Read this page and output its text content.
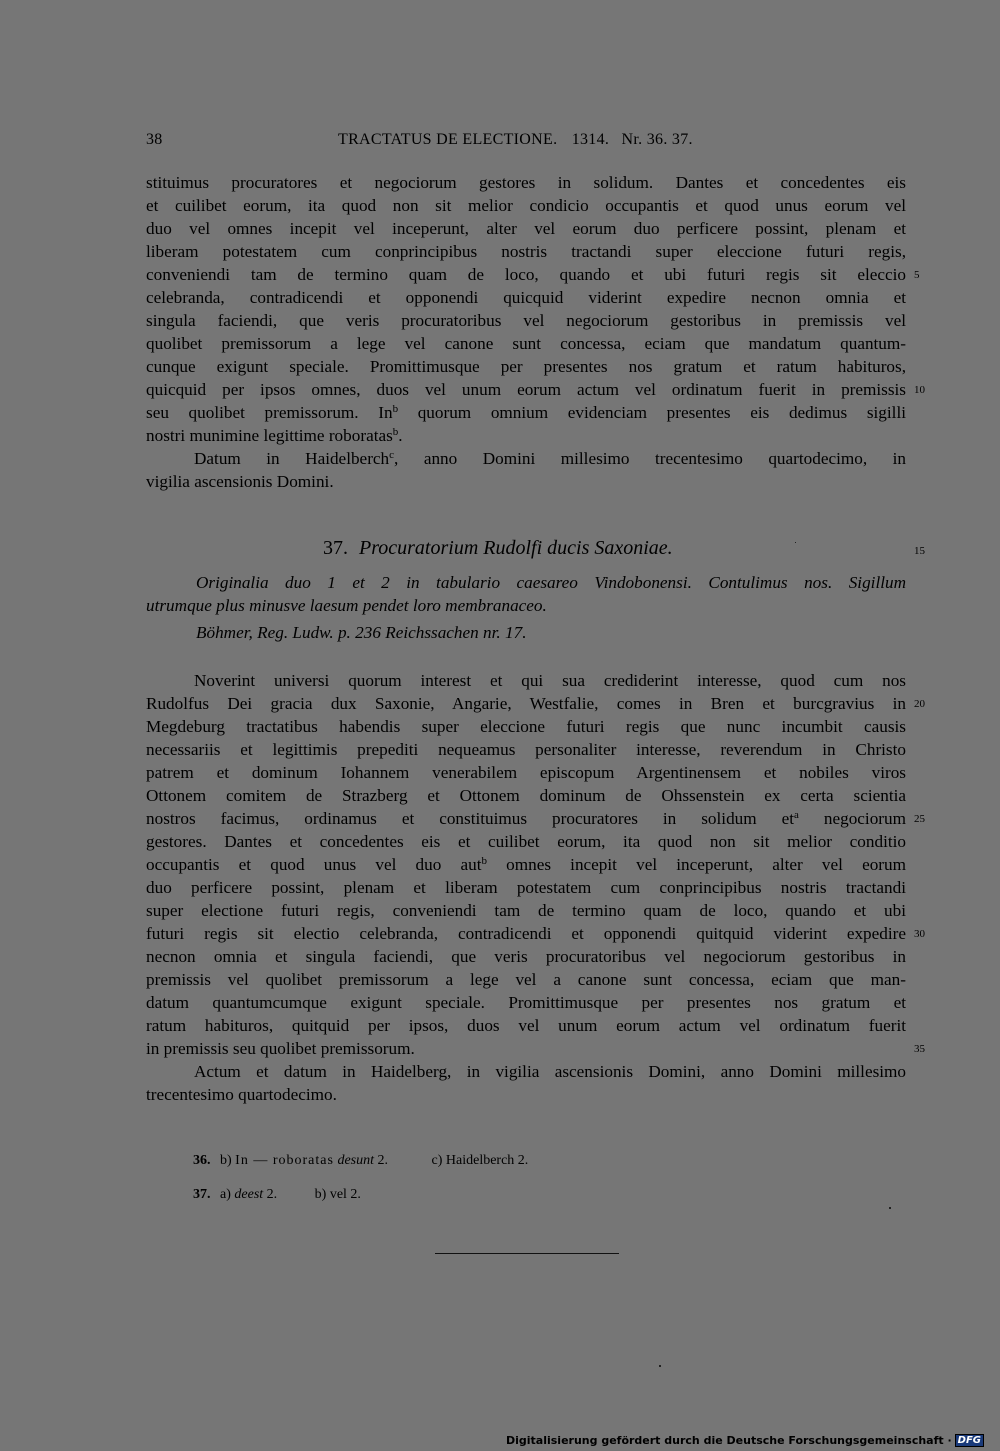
38	TRACTATUS DE ELECTIONE. 1314. Nr. 36. 37.
stituimus procuratores et negociorum gestores in solidum. Dantes et concedentes eis
et cuilibet eorum, ita quod non sit melior condicio occupantis et quod unus eorum vel
duo vel omnes incepit vel inceperunt, alter vel eorum duo perficere possint, plenam et
liberam potestatem cum conprincipibus nostris tractandi super eleccione futuri regis,
conveniendi tam de termino quam de loco, quando et ubi futuri regis sit eleccio 5
celebranda, contradicendi et opponendi quicquid viderint expedire necnon omnia et
singula faciendi, que veris procuratoribus vel negociorum gestoribus in premissis vel
quolibet premissorum a lege vel canone sunt concessa, eciam que mandatum quantum-
cunque exigunt speciale. Promittimusque per presentes nos gratum et ratum habituros,
quicquid per ipsos omnes, duos vel unum eorum actum vel ordinatum fuerit in premissis 10
seu quolibet premissorum. In$^b$ quorum omnium evidenciam presentes eis dedimus sigilli
nostri munimine legittime roboratas$^b$.
Datum in Haidelberch$^c$, anno Domini millesimo trecentesimo quartodecimo, in
vigilia ascensionis Domini.
37. Procuratorium Rudolfi ducis Saxoniae.	15
Originalia duo 1 et 2 in tabulario caesareo Vindobonensi. Contulimus nos. Sigillum
utrumque plus minusve laesum pendet loro membranaceo.
Böhmer, Reg. Ludw. p. 236 Reichssachen nr. 17.
Noverint universi quorum interest et qui sua crediderint interesse, quod cum nos
Rudolfus Dei gracia dux Saxonie, Angarie, Westfalie, comes in Bren et burcgravius in 20
Megdeburg tractatibus habendis super eleccione futuri regis que nunc incumbit causis
necessariis et legittimis prepediti nequeamus personaliter interesse, reverendum in Christo
patrem et dominum Iohannem venerabilem episcopum Argentinensem et nobiles viros
Ottonem comitem de Strazberg et Ottonem dominum de Ohssenstein ex certa scientia
nostros facimus, ordinamus et constituimus procuratores in solidum $et^a$ negociorum 25
gestores. Dantes et concedentes eis et cuilibet eorum, ita quod non sit melior conditio
occupantis et quod unus vel duo aut$^b$ omnes incepit vel inceperunt, alter vel eorum
duo perficere possint, plenam et liberam potestatem cum conprincipibus nostris tractandi
super electione futuri regis, conveniendi tam de termino quam de loco, quando et ubi
futuri regis sit electio celebranda, contradicendi et opponendi quitquid viderint expedire 30
necnon omnia et singula faciendi, que veris procuratoribus vel negociorum gestoribus in
premissis vel quolibet premissorum a lege vel a canone sunt concessa, eciam que man-
datum quantumcumque exigunt speciale. Promittimusque per presentes nos gratum et
ratum habituros, quitquid per ipsos, duos vel unum eorum actum vel ordinatum fuerit
in premissis seu quolibet premissorum.	35
Actum et datum in Haidelberg, in vigilia ascensionis Domini, anno Domini millesimo
trecentesimo quartodecimo.
36. b) In — roboratas desunt 2.	c) Haidelberch 2.
37. a) deest 2.	b) vel 2.
Digitalisierung gefördert durch die Deutsche Forschungsgemeinschaft · DFG
